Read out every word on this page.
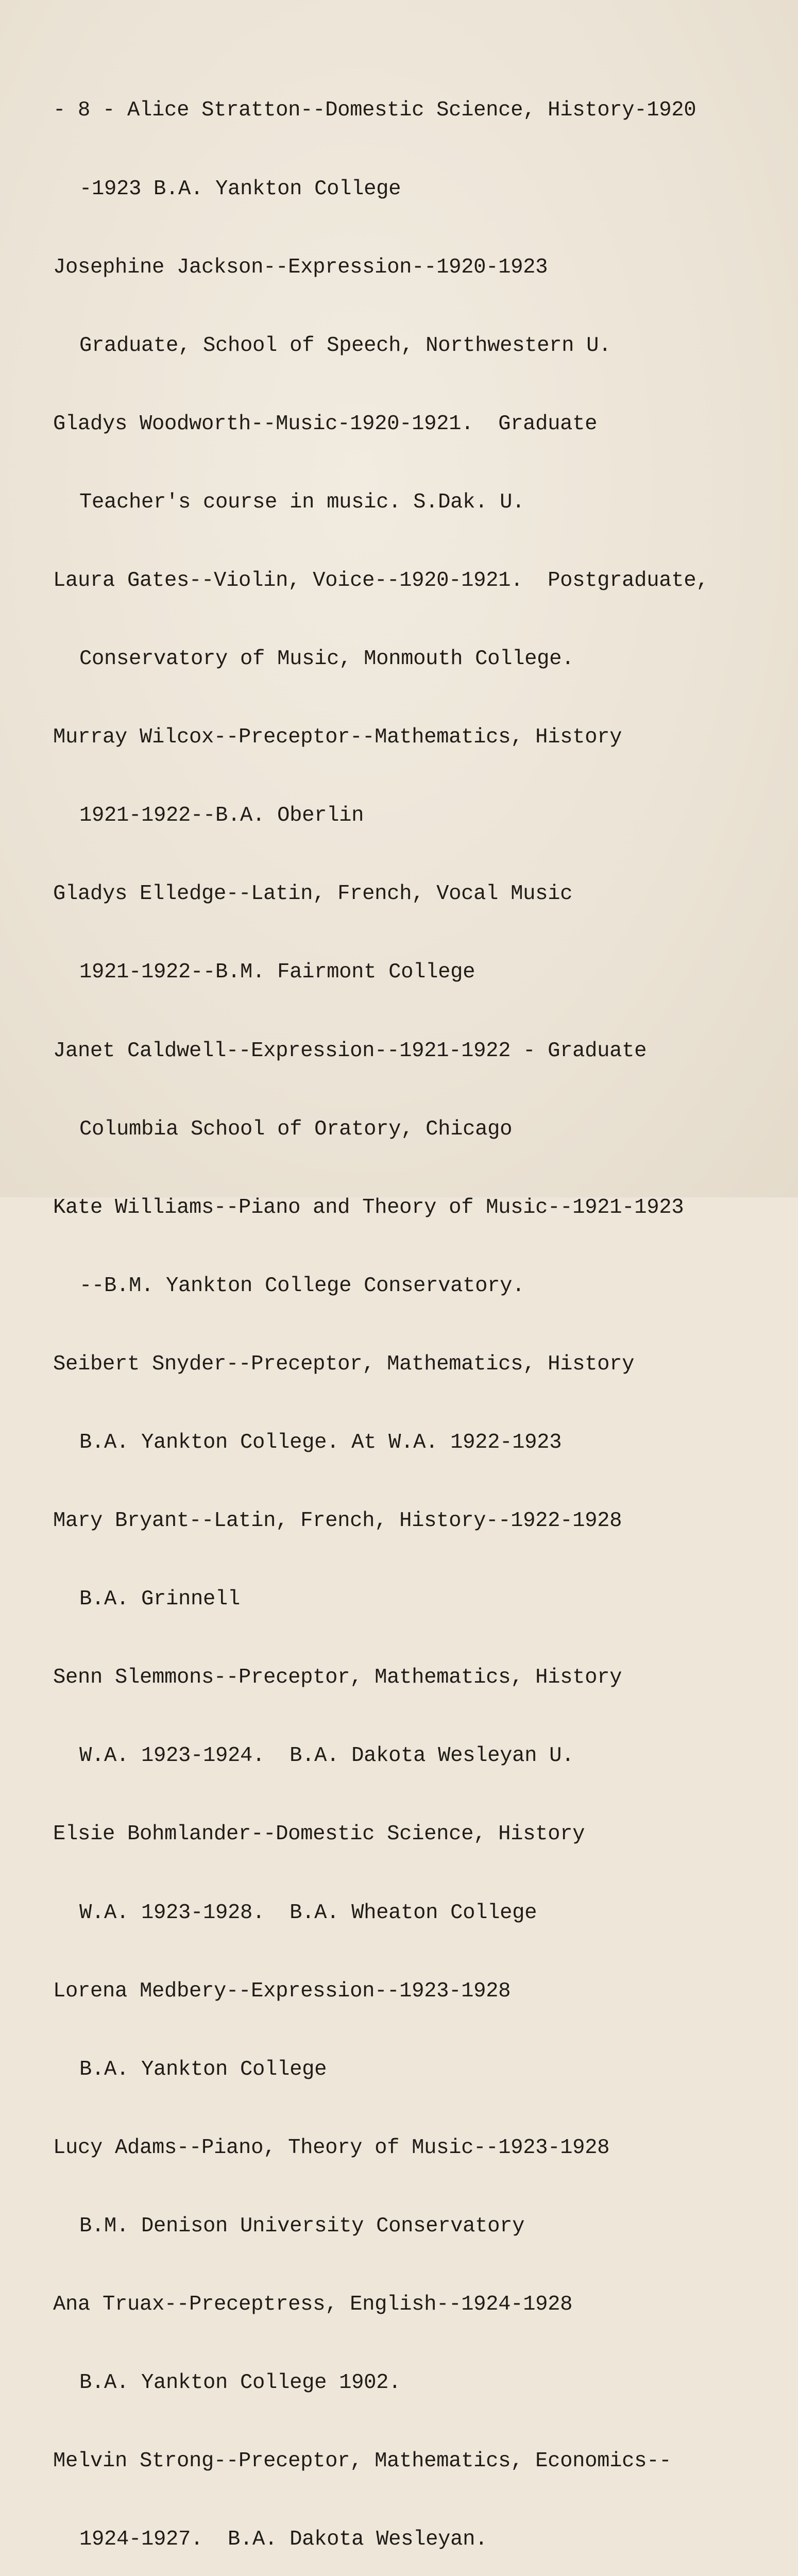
- 8 - Alice Stratton--Domestic Science, History-1920

-1923 B.A. Yankton College

Josephine Jackson--Expression--1920-1923

Graduate, School of Speech, Northwestern U.

Gladys Woodworth--Music-1920-1921.  Graduate

Teacher's course in music. S.Dak. U.

Laura Gates--Violin, Voice--1920-1921.  Postgraduate,

Conservatory of Music, Monmouth College.

Murray Wilcox--Preceptor--Mathematics, History

1921-1922--B.A. Oberlin

Gladys Elledge--Latin, French, Vocal Music

1921-1922--B.M. Fairmont College

Janet Caldwell--Expression--1921-1922 - Graduate

Columbia School of Oratory, Chicago

Kate Williams--Piano and Theory of Music--1921-1923

--B.M. Yankton College Conservatory.

Seibert Snyder--Preceptor, Mathematics, History

B.A. Yankton College. At W.A. 1922-1923

Mary Bryant--Latin, French, History--1922-1928

B.A. Grinnell

Senn Slemmons--Preceptor, Mathematics, History

W.A. 1923-1924.  B.A. Dakota Wesleyan U.

Elsie Bohmlander--Domestic Science, History

W.A. 1923-1928.  B.A. Wheaton College

Lorena Medbery--Expression--1923-1928

B.A. Yankton College

Lucy Adams--Piano, Theory of Music--1923-1928

B.M. Denison University Conservatory

Ana Truax--Preceptress, English--1924-1928

B.A. Yankton College 1902.

Melvin Strong--Preceptor, Mathematics, Economics--

1924-1927.  B.A. Dakota Wesleyan.
